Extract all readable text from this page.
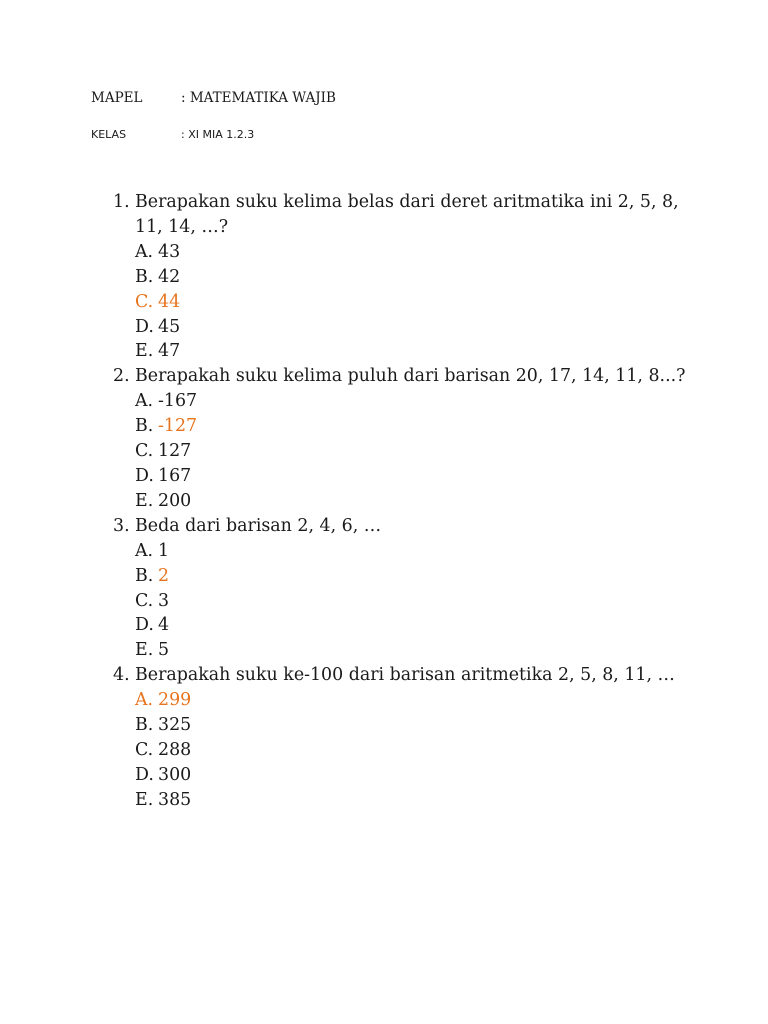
MAPEL	: MATEMATIKA WAJIB
KELAS	: XI MIA 1.2.3
1. Berapakan suku kelima belas dari deret aritmatika ini 2, 5, 8, 11, 14, …?
A. 43
B. 42
C. 44
D. 45
E. 47
2. Berapakah suku kelima puluh dari barisan 20, 17, 14, 11, 8...?
A. -167
B. -127
C. 127
D. 167
E. 200
3. Beda dari barisan 2, 4, 6, …
A. 1
B. 2
C. 3
D. 4
E. 5
4. Berapakah suku ke-100 dari barisan aritmetika 2, 5, 8, 11, …
A. 299
B. 325
C. 288
D. 300
E. 385
